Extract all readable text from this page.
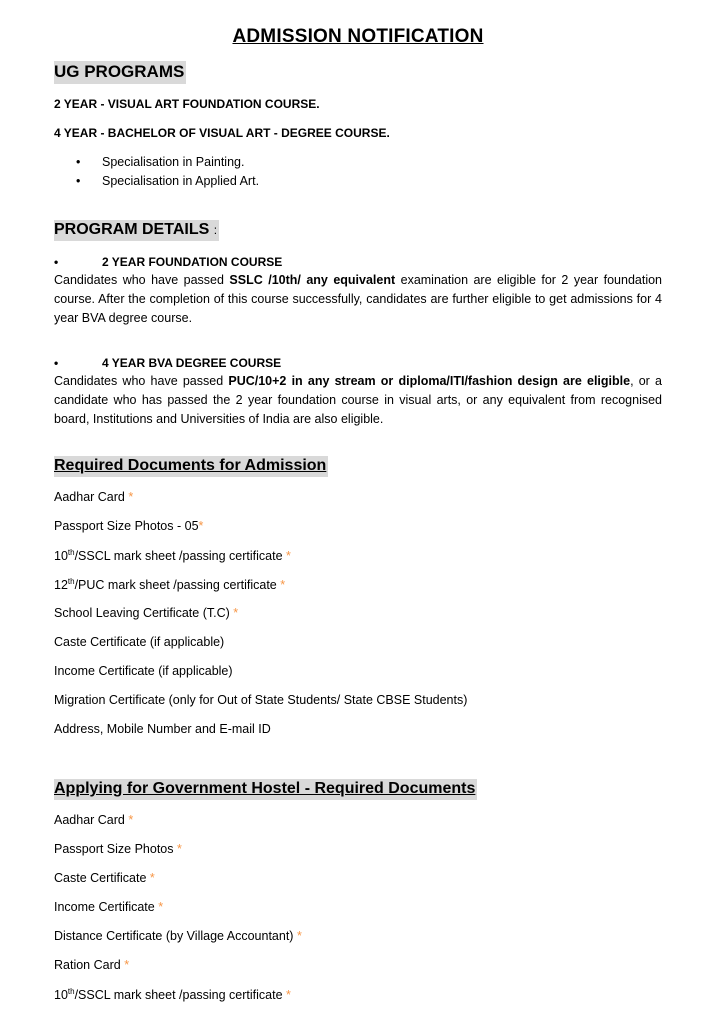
ADMISSION NOTIFICATION
UG PROGRAMS
2 YEAR - VISUAL ART FOUNDATION COURSE.
4 YEAR - BACHELOR OF VISUAL ART - DEGREE COURSE.
• Specialisation in Painting.
• Specialisation in Applied Art.
PROGRAM DETAILS :
•	2 YEAR FOUNDATION COURSE
Candidates who have passed SSLC /10th/ any equivalent examination are eligible for 2 year foundation course. After the completion of this course successfully, candidates are further eligible to get admissions for 4 year BVA degree course.
•	4 YEAR BVA DEGREE COURSE
Candidates who have passed PUC/10+2 in any stream or diploma/ITI/fashion design are eligible, or a candidate who has passed the 2 year foundation course in visual arts, or any equivalent from recognised board, Institutions and Universities of India are also eligible.
Required Documents for Admission
Aadhar Card *
Passport Size Photos - 05*
10th/SSCL mark sheet /passing certificate *
12th/PUC mark sheet /passing certificate *
School Leaving Certificate (T.C) *
Caste Certificate (if applicable)
Income Certificate (if applicable)
Migration Certificate (only for Out of State Students/ State CBSE Students)
Address, Mobile Number and E-mail ID
Applying for Government Hostel - Required Documents
Aadhar Card *
Passport Size Photos *
Caste Certificate *
Income Certificate *
Distance Certificate (by Village Accountant) *
Ration Card *
10th/SSCL mark sheet /passing certificate *
